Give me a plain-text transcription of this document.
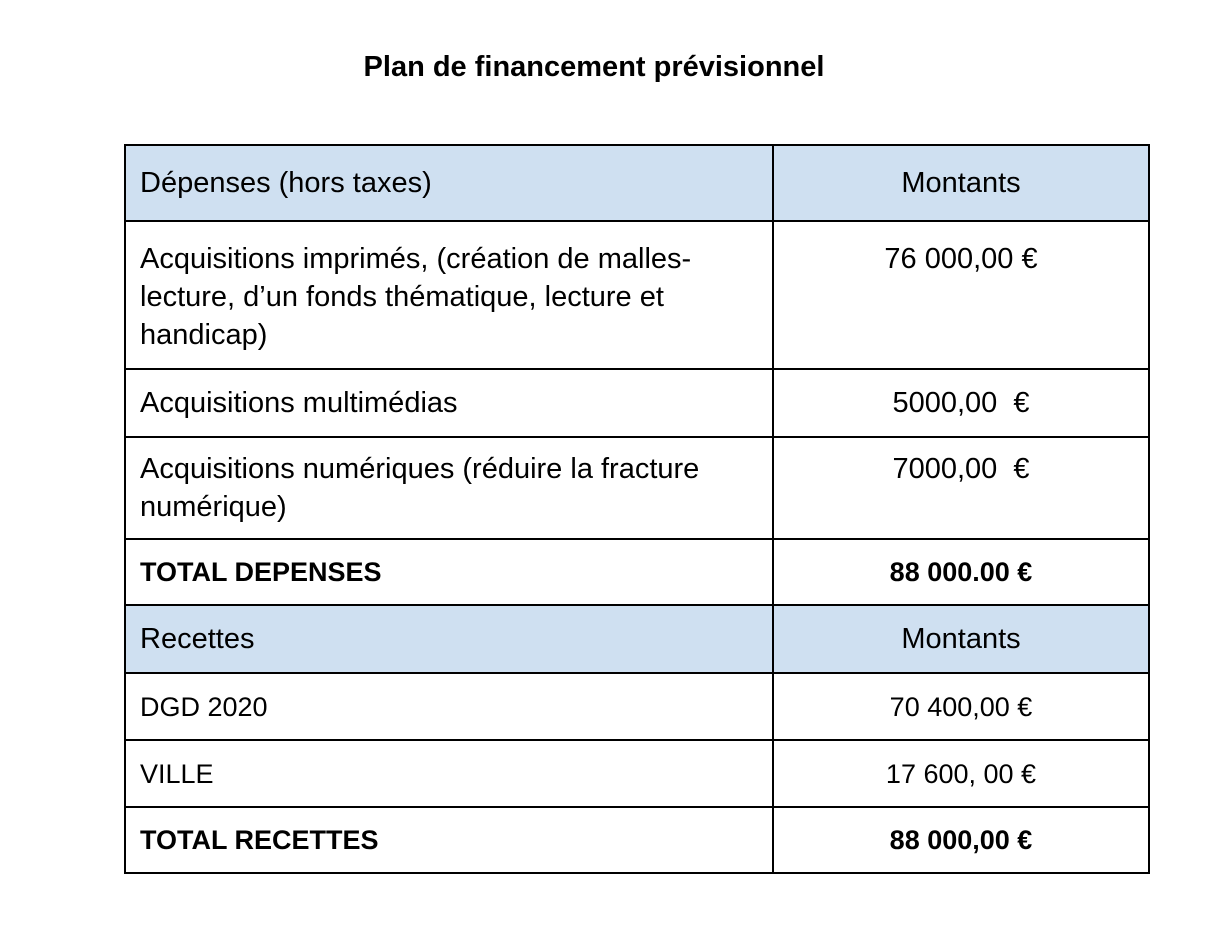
Plan de financement prévisionnel
Dépenses (hors taxes)	Montants
Acquisitions imprimés, (création de malles-lecture, d’un fonds thématique, lecture et handicap)	76 000,00 €
Acquisitions multimédias	5000,00  €
Acquisitions numériques (réduire la fracture numérique)	7000,00  €
TOTAL DEPENSES	88 000.00 €
Recettes	Montants
DGD 2020	70 400,00 €
VILLE	17 600, 00 €
TOTAL RECETTES	88 000,00 €
